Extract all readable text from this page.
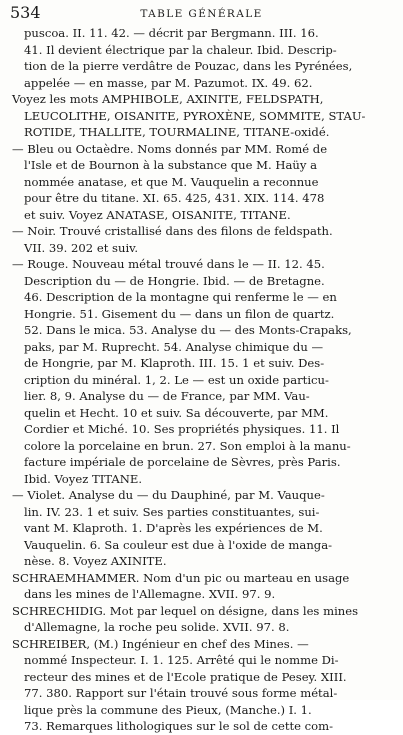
534	TABLE GÉNÉRALE
puscoa. II. 11. 42. — décrit par Bergmann. III. 16.
41. Il devient électrique par la chaleur. Ibid. Descrip-
tion de la pierre verdâtre de Pouzac, dans les Pyrénées,
appelée — en masse, par M. Pazumot. IX. 49. 62.
Voyez les mots AMPHIBOLE, AXINITE, FELDSPATH,
LEUCOLITHE, OISANITE, PYROXÈNE, SOMMITE, STAU-
ROTIDE, THALLITE, TOURMALINE, TITANE-oxidé.
— Bleu ou Octaèdre. Noms donnés par MM. Romé de
l'Isle et de Bournon à la substance que M. Haüy a
nommée anatase, et que M. Vauquelin a reconnue
pour être du titane. XI. 65. 425, 431. XIX. 114. 478
et suiv. Voyez ANATASE, OISANITE, TITANE.
— Noir. Trouvé cristallisé dans des filons de feldspath.
VII. 39. 202 et suiv.
— Rouge. Nouveau métal trouvé dans le — II. 12. 45.
Description du — de Hongrie. Ibid. — de Bretagne.
46. Description de la montagne qui renferme le — en
Hongrie. 51. Gisement du — dans un filon de quartz.
52. Dans le mica. 53. Analyse du — des Monts-Crapaks,
paks, par M. Ruprecht. 54. Analyse chimique du —
de Hongrie, par M. Klaproth. III. 15. 1 et suiv. Des-
cription du minéral. 1, 2. Le — est un oxide particu-
lier. 8, 9. Analyse du — de France, par MM. Vau-
quelin et Hecht. 10 et suiv. Sa découverte, par MM.
Cordier et Miché. 10. Ses propriétés physiques. 11. Il
colore la porcelaine en brun. 27. Son emploi à la manu-
facture impériale de porcelaine de Sèvres, près Paris.
Ibid. Voyez TITANE.
— Violet. Analyse du — du Dauphiné, par M. Vauque-
lin. IV. 23. 1 et suiv. Ses parties constituantes, sui-
vant M. Klaproth. 1. D'après les expériences de M.
Vauquelin. 6. Sa couleur est due à l'oxide de manga-
nèse. 8. Voyez AXINITE.
SCHRAEMHAMMER. Nom d'un pic ou marteau en usage
dans les mines de l'Allemagne. XVII. 97. 9.
SCHRECHIDIG. Mot par lequel on désigne, dans les mines
d'Allemagne, la roche peu solide. XVII. 97. 8.
SCHREIBER, (M.) Ingénieur en chef des Mines. —
nommé Inspecteur. I. 1. 125. Arrêté qui le nomme Di-
recteur des mines et de l'Ecole pratique de Pesey. XIII.
77. 380. Rapport sur l'étain trouvé sous forme métal-
lique près la commune des Pieux, (Manche.) I. 1.
73. Remarques lithologiques sur le sol de cette com-
